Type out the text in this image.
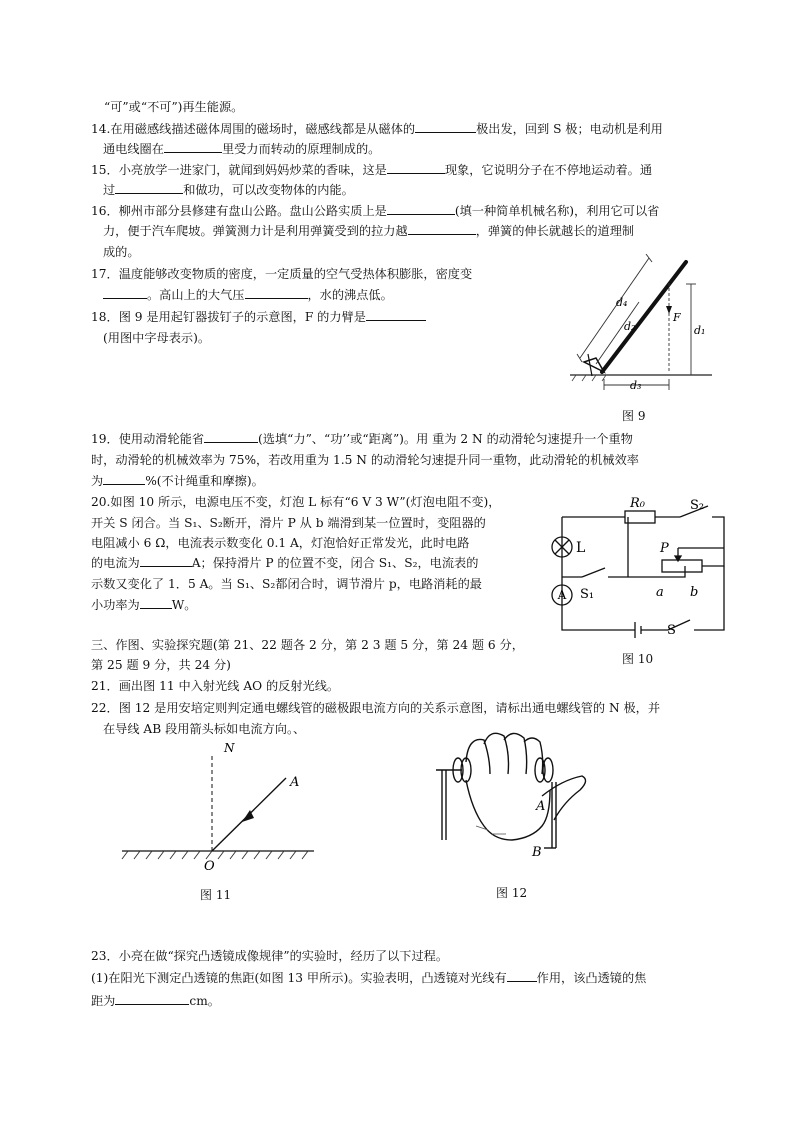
“可”或“不可”)再生能源。
14.在用磁感线描述磁体周围的磁场时，磁感线都是从磁体的	极出发，回到 S 极；电动机是利用
通电线圈在	里受力而转动的原理制成的。
15．小亮放学一进家门，就闻到妈妈炒菜的香味，这是	现象，它说明分子在不停地运动着。通
过	和做功，可以改变物体的内能。
16．柳州市部分县修建有盘山公路。盘山公路实质上是	(填一种简单机械名称)，利用它可以省
力，便于汽车爬坡。弹簧测力计是利用弹簧受到的拉力越	，弹簧的伸长就越长的道理制
成的。
17．温度能够改变物质的密度，一定质量的空气受热体积膨胀，密度变
。高山上的大气压	，水的沸点低。
18．图 9 是用起钉器拔钉子的示意图，F 的力臂是
(用图中字母表示)。
19．使用动滑轮能省	(选填“力”、“功’’或“距离”)。用 重为 2 N 的动滑轮匀速提升一个重物
时，动滑轮的机械效率为 75%，若改用重为 1.5 N 的动滑轮匀速提升同一重物，此动滑轮的机械效率
为	%(不计绳重和摩擦)。
20.如图 10 所示，电源电压不变，灯泡 L 标有“6 V 3 W”(灯泡电阻不变)，
开关 S 闭合。当 S₁、S₂断开，滑片 P 从 b 端滑到某一位置时，变阻器的
电阻减小 6 Ω，电流表示数变化 0.1 A，灯泡恰好正常发光，此时电路
的电流为	A；保持滑片 P 的位置不变，闭合 S₁、S₂，电流表的
示数又变化了 1．5 A。当 S₁、S₂都闭合时，调节滑片 p，电路消耗的最
小功率为	W。
三、作图、实验探究题(第 21、22 题各 2 分，第 2 3 题 5 分，第 24 题 6 分，
第 25 题 9 分，共 24 分)
21．画出图 11 中入射光线 AO 的反射光线。
22．图 12 是用安培定则判定通电螺线管的磁极跟电流方向的关系示意图，请标出通电螺线管的 N 极，并
在导线 AB 段用箭头标如电流方向。、
23．小亮在做“探究凸透镜成像规律”的实验时，经历了以下过程。
(1)在阳光下测定凸透镜的焦距(如图 13 甲所示)。实验表明，凸透镜对光线有 作用，该凸透镜的焦
距为	cm。
d₄
d₂
F
d₁
d₃
图 9
A
R₀	S₂
L	P
S₁	a b
S
图 10
N
A
O
图 11
A
B
图 12
